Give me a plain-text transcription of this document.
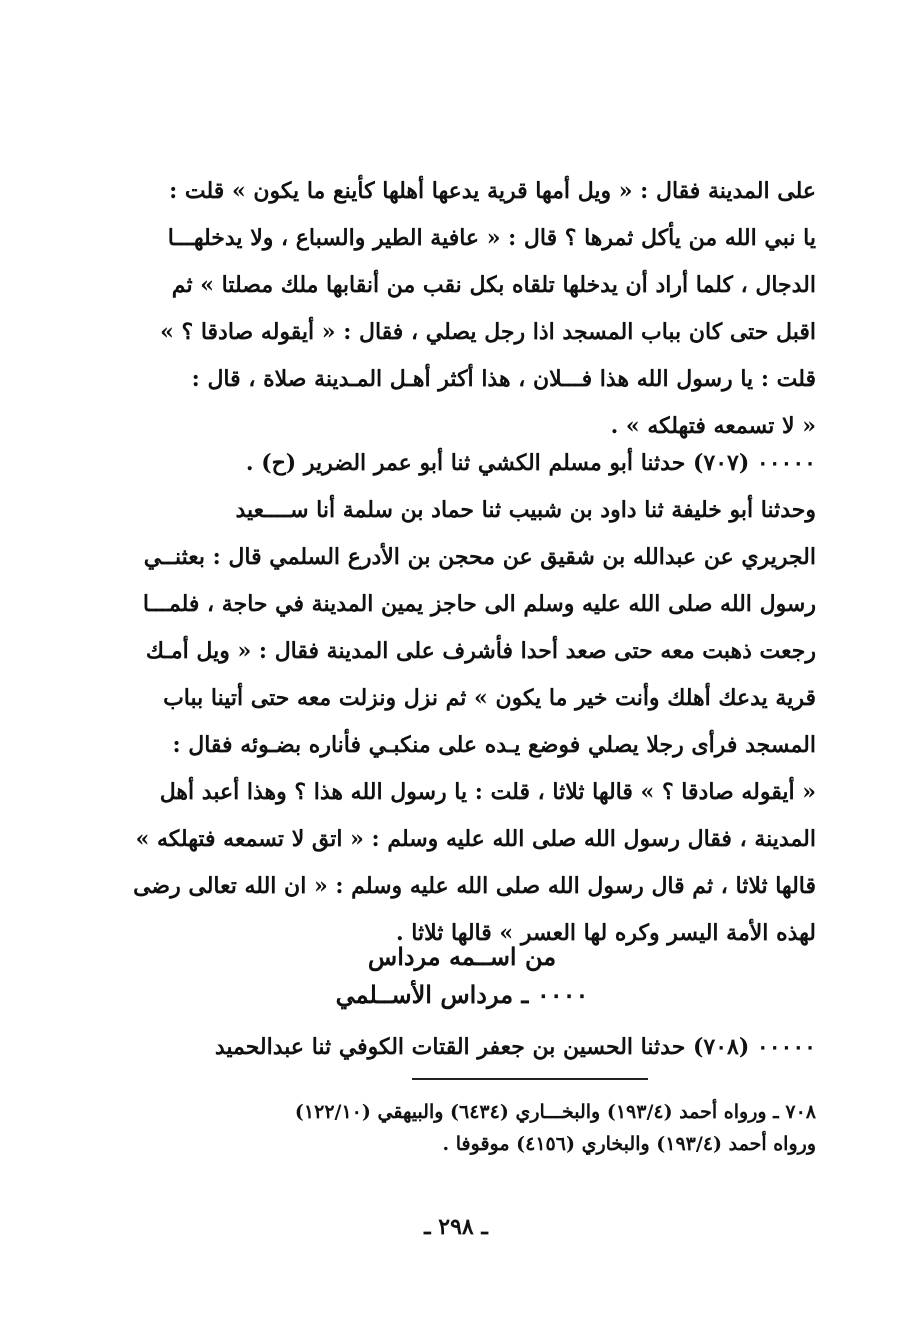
على المدينة فقال : « ويل أمها قرية يدعها أهلها كأينع ما يكون » قلت :
يا نبي الله من يأكل ثمرها ؟ قال : « عافية الطير والسباع ، ولا يدخلهـــا
الدجال ، كلما أراد أن يدخلها تلقاه بكل نقب من أنقابها ملك مصلتا » ثم
اقبل حتى كان بباب المسجد اذا رجل يصلي ، فقال : « أيقوله صادقا ؟ »
قلت : يا رسول الله هذا فـــلان ، هذا أكثر أهـل المـدينة صلاة ، قال :
« لا تسمعه فتهلكه » .
٠٠٠٠٠ (٧٠٧) حدثنا أبو مسلم الكشي ثنا أبو عمر الضرير (ح) .
وحدثنا أبو خليفة ثنا داود بن شبيب ثنا حماد بن سلمة أنا ســــعيد
الجريري عن عبدالله بن شقيق عن محجن بن الأدرع السلمي قال : بعثنــي
رسول الله صلى الله عليه وسلم الى حاجز يمين المدينة في حاجة ، فلمـــا
رجعت ذهبت معه حتى صعد أحدا فأشرف على المدينة فقال : « ويل أمـك
قرية يدعك أهلك وأنت خير ما يكون » ثم نزل ونزلت معه حتى أتينا بباب
المسجد فرأى رجلا يصلي فوضع يـده على منكبـي فأناره بضـوئه فقال :
« أيقوله صادقا ؟ » قالها ثلاثا ، قلت : يا رسول الله هذا ؟ وهذا أعبد أهل
المدينة ، فقال رسول الله صلى الله عليه وسلم : « اتق لا تسمعه فتهلكه »
قالها ثلاثا ، ثم قال رسول الله صلى الله عليه وسلم : « ان الله تعالى رضى
لهذه الأمة اليسر وكره لها العسر » قالها ثلاثا .
من اســمه مرداس
٠٠٠٠ ـ مرداس الأســلمي
٠٠٠٠٠ (٧٠٨) حدثنا الحسين بن جعفر القتات الكوفي ثنا عبدالحميد
٧٠٨ ـ ورواه أحمد (١٩٣/٤) والبخـــاري (٦٤٣٤) والبيهقي (١٢٢/١٠)
ورواه أحمد (١٩٣/٤) والبخاري (٤١٥٦) موقوفا .
ـ ٢٩٨ ـ
